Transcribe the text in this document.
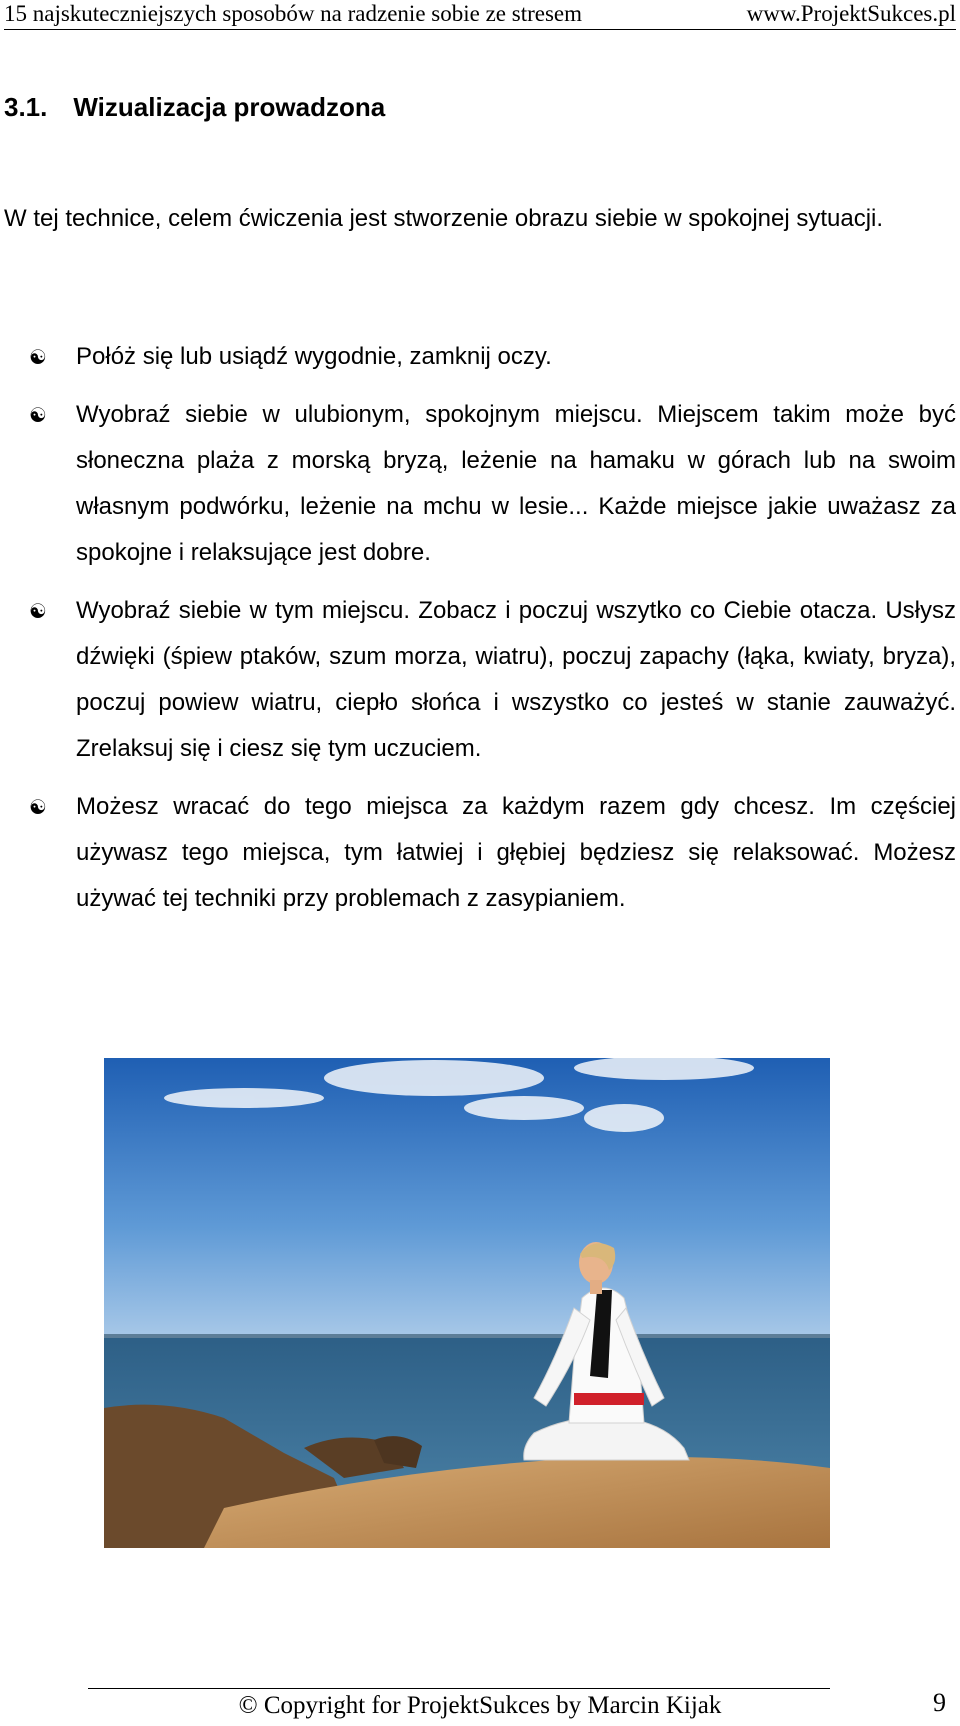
15 najskuteczniejszych sposobów na radzenie sobie ze stresem	www.ProjektSukces.pl
3.1. Wizualizacja prowadzona

W tej technice, celem ćwiczenia jest stworzenie obrazu siebie w spokojnej sytuacji.

☯ Połóż się lub usiądź wygodnie, zamknij oczy.
☯ Wyobraź siebie w ulubionym, spokojnym miejscu. Miejscem takim może być słoneczna plaża z morską bryzą, leżenie na hamaku w górach lub na swoim własnym podwórku, leżenie na mchu w lesie... Każde miejsce jakie uważasz za spokojne i relaksujące jest dobre.
☯ Wyobraź siebie w tym miejscu. Zobacz i poczuj wszytko co Ciebie otacza. Usłysz dźwięki (śpiew ptaków, szum morza, wiatru), poczuj zapachy (łąka, kwiaty, bryza), poczuj powiew wiatru, ciepło słońca i wszystko co jesteś w stanie zauważyć. Zrelaksuj się i ciesz się tym uczuciem.
☯ Możesz wracać do tego miejsca za każdym razem gdy chcesz. Im częściej używasz tego miejsca, tym łatwiej i głębiej będziesz się relaksować. Możesz używać tej techniki przy problemach z zasypianiem.
© Copyright for ProjektSukces by Marcin Kijak	9
